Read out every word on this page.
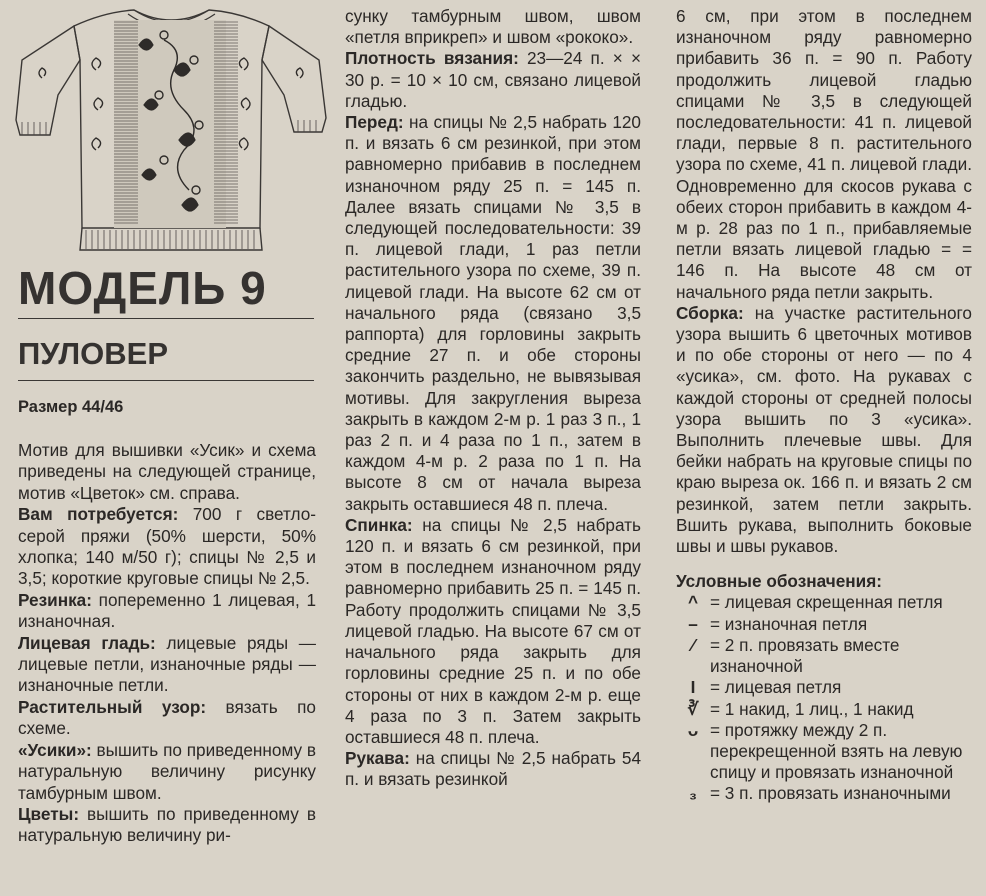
МОДЕЛЬ 9
ПУЛОВЕР

Размер 44/46

Мотив для вышивки «Усик» и схема приведены на следующей странице, мотив «Цветок» см. справа.

Вам потребуется: 700 г светло-серой пряжи (50% шерсти, 50% хлопка; 140 м/50 г); спицы № 2,5 и 3,5; короткие круговые спицы № 2,5.

Резинка: попеременно 1 лицевая, 1 изнаночная.

Лицевая гладь: лицевые ряды — лицевые петли, изнаночные ряды — изнаночные петли.

Растительный узор: вязать по схеме.

«Усики»: вышить по приведенному в натуральную величину рисунку тамбурным швом.

Цветы: вышить по приведенному в натуральную величину ри-

сунку тамбурным швом, швом «петля вприкреп» и швом «рококо».

Плотность вязания: 23—24 п. × × 30 р. = 10 × 10 см, связано лицевой гладью.

Перед: на спицы № 2,5 набрать 120 п. и вязать 6 см резинкой, при этом равномерно прибавив в последнем изнаночном ряду 25 п. = 145 п. Далее вязать спицами № 3,5 в следующей последовательности: 39 п. лицевой глади, 1 раз петли растительного узора по схеме, 39 п. лицевой глади. На высоте 62 см от начального ряда (связано 3,5 раппорта) для горловины закрыть средние 27 п. и обе стороны закончить раздельно, не вывязывая мотивы. Для закругления выреза закрыть в каждом 2-м р. 1 раз 3 п., 1 раз 2 п. и 4 раза по 1 п., затем в каждом 4-м р. 2 раза по 1 п. На высоте 8 см от начала выреза закрыть оставшиеся 48 п. плеча.

Спинка: на спицы № 2,5 набрать 120 п. и вязать 6 см резинкой, при этом в последнем изнаночном ряду равномерно прибавить 25 п. = 145 п. Работу продолжить спицами № 3,5 лицевой гладью. На высоте 67 см от начального ряда закрыть для горловины средние 25 п. и по обе стороны от них в каждом 2-м р. еще 4 раза по 3 п. Затем закрыть оставшиеся 48 п. плеча.

Рукава: на спицы № 2,5 набрать 54 п. и вязать резинкой

6 см, при этом в последнем изнаночном ряду равномерно прибавить 36 п. = 90 п. Работу продолжить лицевой гладью спицами № 3,5 в следующей последовательности: 41 п. лицевой глади, первые 8 п. растительного узора по схеме, 41 п. лицевой глади. Одновременно для скосов рукава с обеих сторон прибавить в каждом 4-м р. 28 раз по 1 п., прибавляемые петли вязать лицевой гладью = = 146 п. На высоте 48 см от начального ряда петли закрыть.

Сборка: на участке растительного узора вышить 6 цветочных мотивов и по обе стороны от него — по 4 «усика», см. фото. На рукавах с каждой стороны от средней полосы узора вышить по 3 «усика». Выполнить плечевые швы. Для бейки набрать на круговые спицы по краю выреза ок. 166 п. и вязать 2 см резинкой, затем петли закрыть. Вшить рукава, выполнить боковые швы и швы рукавов.

Условные обозначения:

^ = лицевая скрещенная петля

– = изнаночная петля

⁄ = 2 п. провязать вместе изнаночной

I = лицевая петля

∛ = 1 накид, 1 лиц., 1 накид

ᴗ = протяжку между 2 п. перекрещенной взять на левую спицу и провязать изнаночной

₃ = 3 п. провязать изнаночными
